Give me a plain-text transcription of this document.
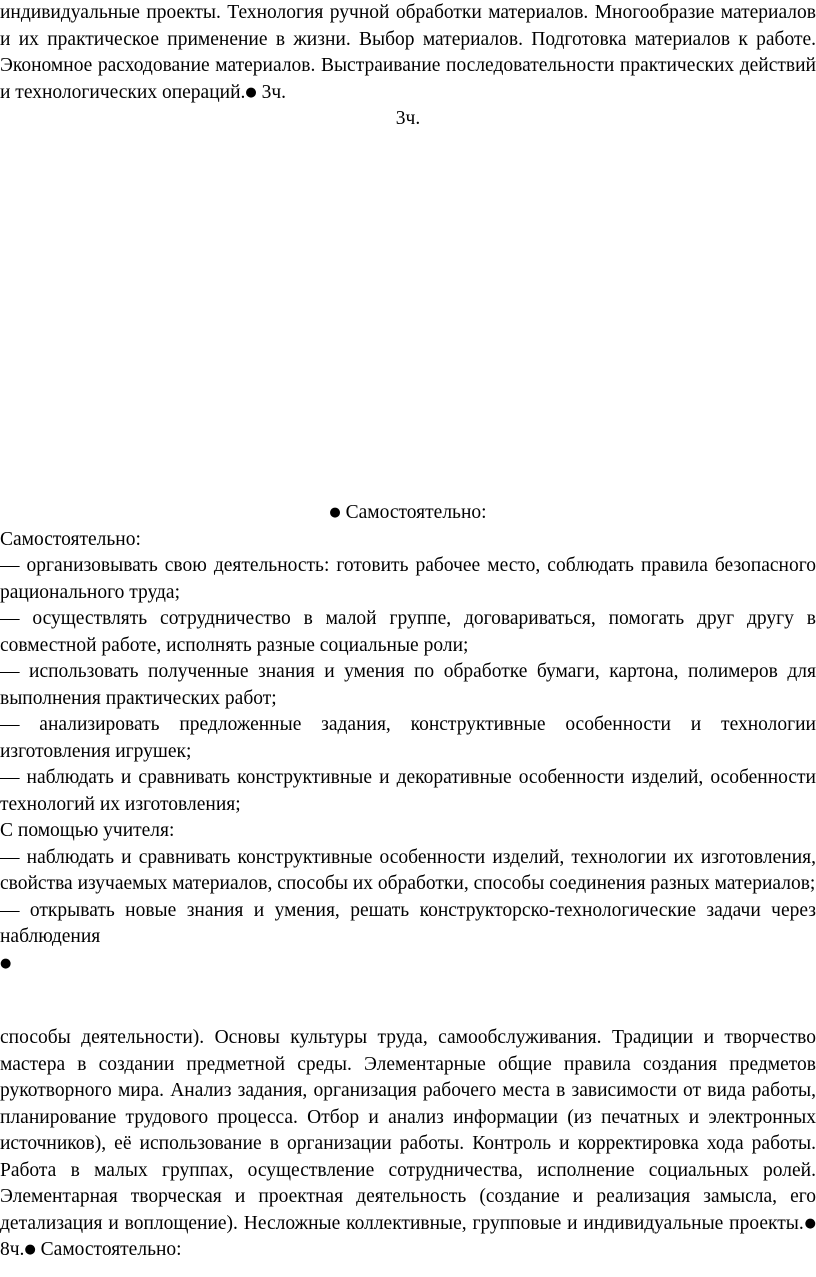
индивидуальные проекты. Технология ручной обработки материалов. Многообразие материалов и их практическое применение в жизни. Выбор материалов. Подготовка материалов к работе. Экономное расходование материалов. Выстраивание последовательности практических действий и технологических операций.● 3ч.

3ч.

● Самостоятельно:

Самостоятельно:

— организовывать свою деятельность: готовить рабочее место, соблюдать правила безопасного рационального труда;

— осуществлять сотрудничество в малой группе, договариваться, помогать друг другу в совместной работе, исполнять разные социальные роли;

— использовать полученные знания и умения по обработке бумаги, картона, полимеров для выполнения практических работ;

— анализировать предложенные задания, конструктивные особенности и технологии изготовления игрушек;

— наблюдать и сравнивать конструктивные и декоративные особенности изделий, особенности технологий их изготовления;

С помощью учителя:

— наблюдать и сравнивать конструктивные особенности изделий, технологии их изготовления, свойства изучаемых материалов, способы их обработки, способы соединения разных материалов;

— открывать новые знания и умения, решать конструкторско-технологические задачи через наблюдения

●

способы деятельности). Основы культуры труда, самообслуживания. Традиции и творчество мастера в создании предметной среды. Элементарные общие правила создания предметов рукотворного мира. Анализ задания, организация рабочего места в зависимости от вида работы, планирование трудового процесса. Отбор и анализ информации (из печатных и электронных источников), её использование в организации работы. Контроль и корректировка хода работы. Работа в малых группах, осуществление сотрудничества, исполнение социальных ролей. Элементарная творческая и проектная деятельность (создание и реализация замысла, его детализация и воплощение). Несложные коллективные, групповые и индивидуальные проекты.● 8ч.● Самостоятельно:
